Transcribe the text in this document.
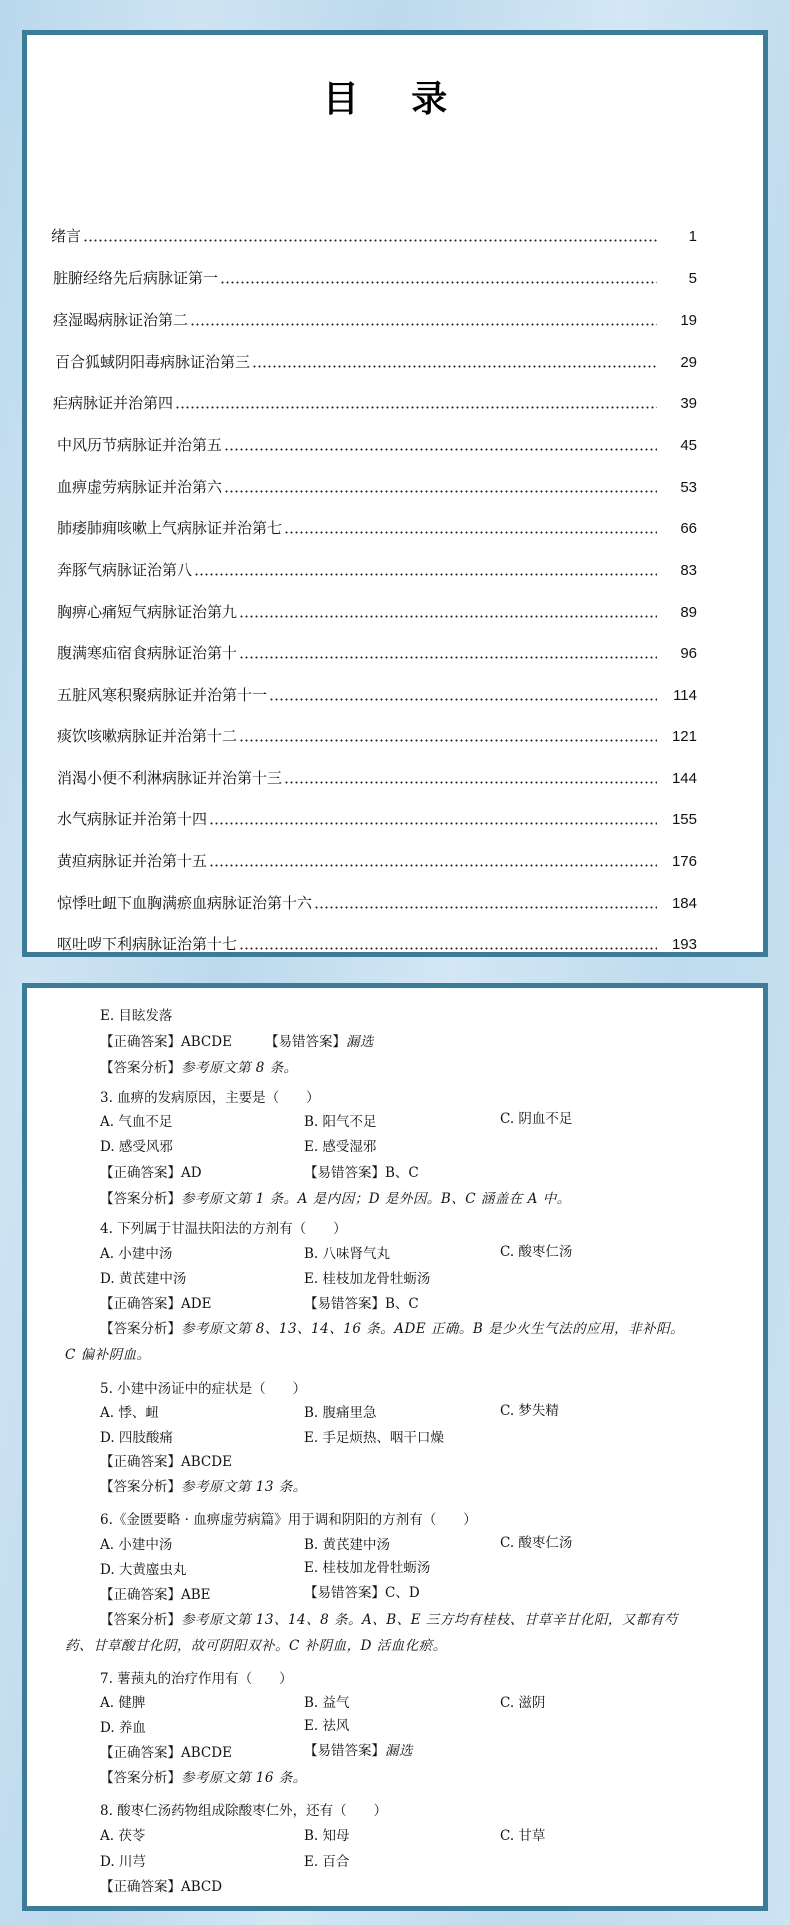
目 录
绪言	1
脏腑经络先后病脉证第一	5
痉湿暍病脉证治第二	19
百合狐蜮阴阳毒病脉证治第三	29
疟病脉证并治第四	39
中风历节病脉证并治第五	45
血痹虚劳病脉证并治第六	53
肺痿肺痈咳嗽上气病脉证并治第七	66
奔豚气病脉证治第八	83
胸痹心痛短气病脉证治第九	89
腹满寒疝宿食病脉证治第十	96
五脏风寒积聚病脉证并治第十一	114
痰饮咳嗽病脉证并治第十二	121
消渴小便不利淋病脉证并治第十三	144
水气病脉证并治第十四	155
黄疸病脉证并治第十五	176
惊悸吐衄下血胸满瘀血病脉证治第十六	184
呕吐哕下利病脉证治第十七	193
E. 目眩发落
【正确答案】ABCDE 【易错答案】漏选
【答案分析】参考原文第 8 条。
3. 血痹的发病原因，主要是（　　）
A. 气血不足	B. 阳气不足	C. 阴血不足
D. 感受风邪	E. 感受湿邪
【正确答案】AD	【易错答案】B、C
【答案分析】参考原文第 1 条。A 是内因；D 是外因。B、C 涵盖在 A 中。
4. 下列属于甘温扶阳法的方剂有（　　）
A. 小建中汤	B. 八味肾气丸	C. 酸枣仁汤
D. 黄芪建中汤	E. 桂枝加龙骨牡蛎汤
【正确答案】ADE	【易错答案】B、C
【答案分析】参考原文第 8、13、14、16 条。ADE 正确。B 是少火生气法的应用，非补阳。
C 偏补阴血。
5. 小建中汤证中的症状是（　　）
A. 悸、衄	B. 腹痛里急	C. 梦失精
D. 四肢酸痛	E. 手足烦热、咽干口燥
【正确答案】ABCDE
【答案分析】参考原文第 13 条。
6.《金匮要略 · 血痹虚劳病篇》用于调和阴阳的方剂有（　　）
A. 小建中汤	B. 黄芪建中汤	C. 酸枣仁汤
D. 大黄䗪虫丸	E. 桂枝加龙骨牡蛎汤
【正确答案】ABE	【易错答案】C、D
【答案分析】参考原文第 13、14、8 条。A、B、E 三方均有桂枝、甘草辛甘化阳，又都有芍
药、甘草酸甘化阴，故可阴阳双补。C 补阴血，D 活血化瘀。
7. 薯蓣丸的治疗作用有（　　）
A. 健脾	B. 益气	C. 滋阴
D. 养血	E. 祛风
【正确答案】ABCDE	【易错答案】漏选
【答案分析】参考原文第 16 条。
8. 酸枣仁汤药物组成除酸枣仁外，还有（　　）
A. 茯苓	B. 知母	C. 甘草
D. 川芎	E. 百合
【正确答案】ABCD
